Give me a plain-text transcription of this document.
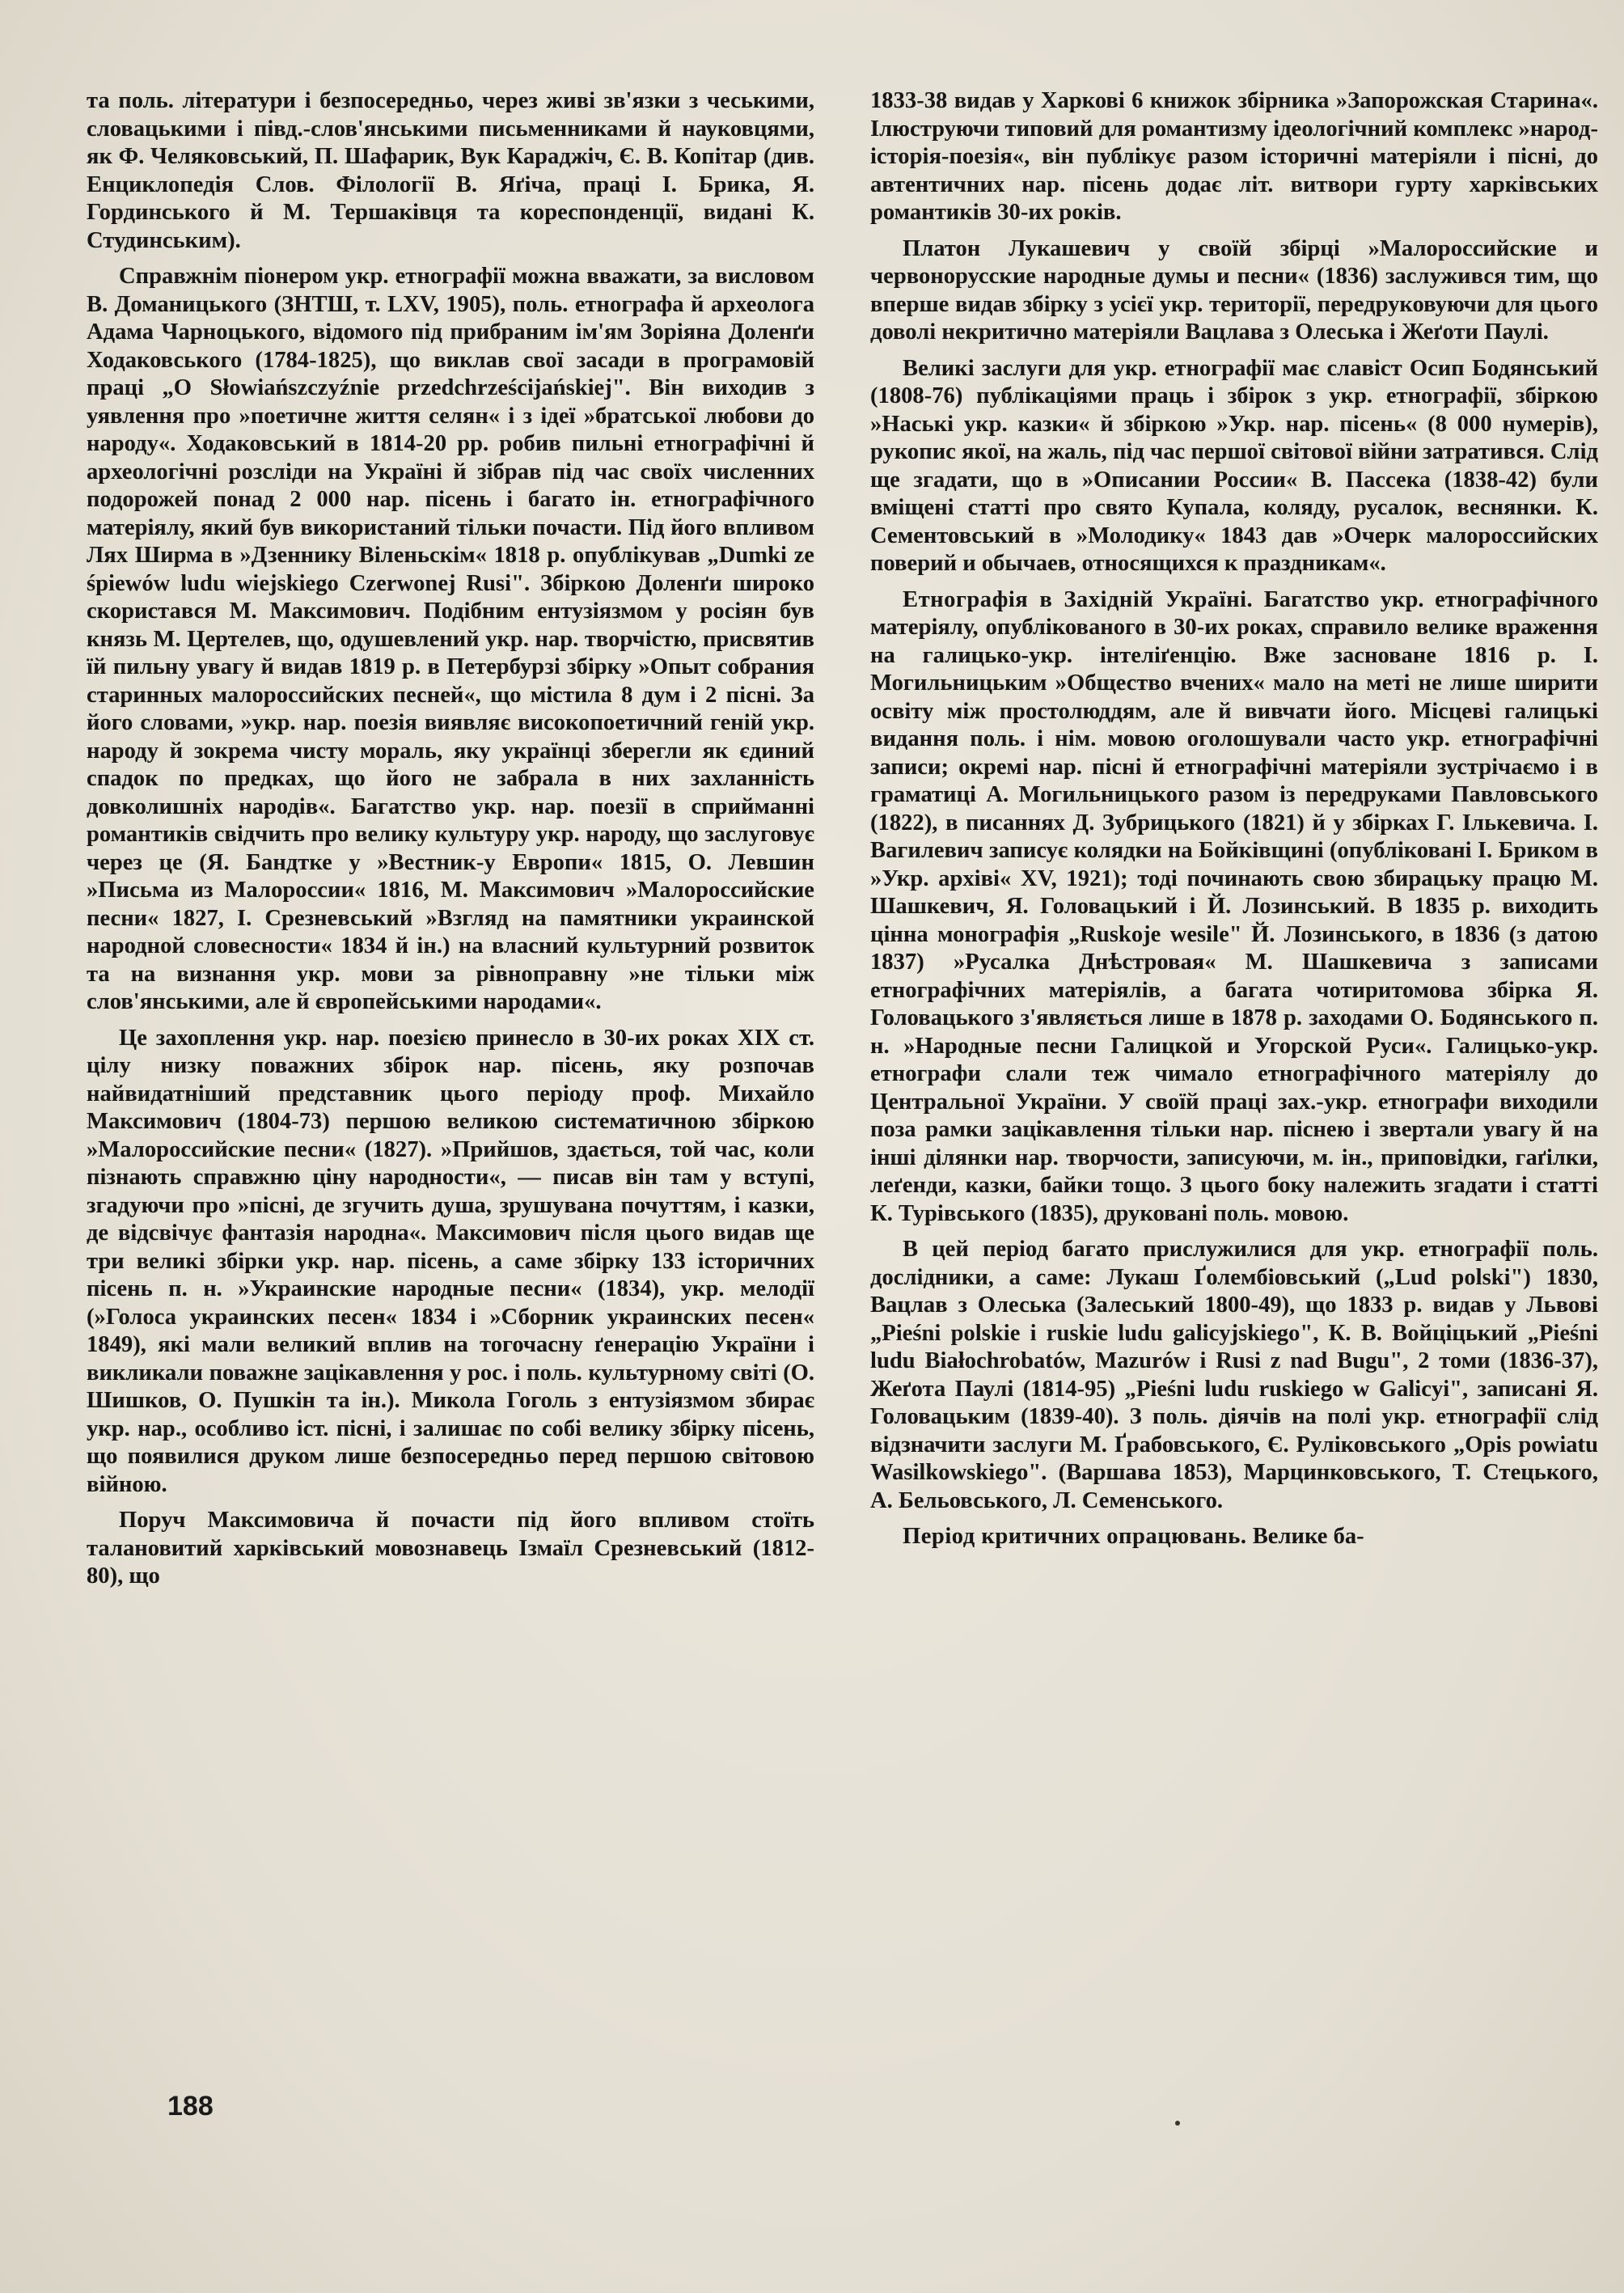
та поль. літератури і безпосередньо, через живі зв'язки з чеськими, словацькими і півд.-слов'янськими письменниками й науковцями, як Ф. Челяковський, П. Шафарик, Вук Караджіч, Є. В. Копітар (див. Енциклопедія Слов. Філології В. Яґіча, праці І. Брика, Я. Гординського й М. Тершаківця та кореспонденції, видані К. Студинським).

Справжнім піонером укр. етнографії можна вважати, за висловом В. Доманицького (ЗНТШ, т. LXV, 1905), поль. етнографа й археолога Адама Чарноцького, відомого під прибраним ім'ям Зоріяна Доленґи Ходаковського (1784-1825), що виклав свої засади в програмовій праці „O Słowiańszczyźnie przedchrześcijańskiej". Він виходив з уявлення про »поетичне життя селян« і з ідеї »братської любови до народу«. Ходаковський в 1814-20 рр. робив пильні етнографічні й археологічні розсліди на Україні й зібрав під час своїх численних подорожей понад 2 000 нар. пісень і багато ін. етнографічного матеріялу, який був використаний тільки почасти. Під його впливом Лях Ширма в »Дзеннику Віленьскім« 1818 р. опублікував „Dumki ze śpiewów ludu wiejskiego Czerwonej Rusi". Збіркою Доленґи широко скористався М. Максимович. Подібним ентузіязмом у росіян був князь М. Цертелев, що, одушевлений укр. нар. творчістю, присвятив їй пильну увагу й видав 1819 р. в Петербурзі збірку »Опыт собрания старинных малороссийских песней«, що містила 8 дум і 2 пісні. За його словами, »укр. нар. поезія виявляє високопоетичний геній укр. народу й зокрема чисту мораль, яку українці зберегли як єдиний спадок по предках, що його не забрала в них захланність довколишніх народів«. Багатство укр. нар. поезії в сприйманні романтиків свідчить про велику культуру укр. народу, що заслуговує через це (Я. Бандтке у »Вестник-у Европи« 1815, О. Левшин »Письма из Малороссии« 1816, М. Максимович »Малороссийские песни« 1827, І. Срезневський »Взгляд на памятники украинской народной словесности« 1834 й ін.) на власний культурний розвиток та на визнання укр. мови за рівноправну »не тільки між слов'янськими, але й європейськими народами«.

Це захоплення укр. нар. поезією принесло в 30-их роках ХІХ ст. цілу низку поважних збірок нар. пісень, яку розпочав найвидатніший представник цього періоду проф. Михайло Максимович (1804-73) першою великою систематичною збіркою »Малороссийские песни« (1827). »Прийшов, здається, той час, коли пізнають справжню ціну народности«, — писав він там у вступі, згадуючи про »пісні, де згучить душа, зрушувана почуттям, і казки, де відсвічує фантазія народна«. Максимович після цього видав ще три великі збірки укр. нар. пісень, а саме збірку 133 історичних пісень п. н. »Украинские народные песни« (1834), укр. мелодії (»Голоса украинских песен« 1834 і »Сборник украинских песен« 1849), які мали великий вплив на тогочасну ґенерацію України і викликали поважне зацікавлення у рос. і поль. культурному світі (О. Шишков, О. Пушкін та ін.). Микола Гоголь з ентузіязмом збирає укр. нар., особливо іст. пісні, і залишає по собі велику збірку пісень, що появилися друком лише безпосередньо перед першою світовою війною.

Поруч Максимовича й почасти під його впливом стоїть талановитий харківський мовознавець Ізмаїл Срезневський (1812-80), що

1833-38 видав у Харкові 6 книжок збірника »Запорожская Старина«. Ілюструючи типовий для романтизму ідеологічний комплекс »народ-історія-поезія«, він публікує разом історичні матеріяли і пісні, до автентичних нар. пісень додає літ. витвори гурту харківських романтиків 30-их років.

Платон Лукашевич у своїй збірці »Малороссийские и червонорусские народные думы и песни« (1836) заслужився тим, що вперше видав збірку з усієї укр. території, передруковуючи для цього доволі некритично матеріяли Вацлава з Олеська і Жеґоти Паулі.

Великі заслуги для укр. етнографії має славіст Осип Бодянський (1808-76) публікаціями праць і збірок з укр. етнографії, збіркою »Наські укр. казки« й збіркою »Укр. нар. пісень« (8 000 нумерів), рукопис якої, на жаль, під час першої світової війни затратився. Слід ще згадати, що в »Описании России« В. Пассека (1838-42) були вміщені статті про свято Купала, коляду, русалок, веснянки. К. Сементовський в »Молодику« 1843 дав »Очерк малороссийских поверий и обычаев, относящихся к праздникам«.

Етнографія в Західній Україні. Багатство укр. етнографічного матеріялу, опублікованого в 30-их роках, справило велике враження на галицько-укр. інтеліґенцію. Вже засноване 1816 р. І. Могильницьким »Общество вчених« мало на меті не лише ширити освіту між простолюддям, але й вивчати його. Місцеві галицькі видання поль. і нім. мовою оголошували часто укр. етнографічні записи; окремі нар. пісні й етнографічні матеріяли зустрічаємо і в граматиці А. Могильницького разом із передруками Павловського (1822), в писаннях Д. Зубрицького (1821) й у збірках Г. Ількевича. І. Вагилевич записує колядки на Бойківщині (опубліковані І. Бриком в »Укр. архіві« XV, 1921); тоді починають свою збирацьку працю М. Шашкевич, Я. Головацький і Й. Лозинський. В 1835 р. виходить цінна монографія „Ruskoje wesile" Й. Лозинського, в 1836 (з датою 1837) »Русалка Днѣстровая« М. Шашкевича з записами етнографічних матеріялів, а багата чотиритомова збірка Я. Головацького з'являється лише в 1878 р. заходами О. Бодянського п. н. »Народные песни Галицкой и Угорской Руси«. Галицько-укр. етнографи слали теж чимало етнографічного матеріялу до Центральної України. У своїй праці зах.-укр. етнографи виходили поза рамки зацікавлення тільки нар. піснею і звертали увагу й на інші ділянки нар. творчости, записуючи, м. ін., приповідки, гаґілки, леґенди, казки, байки тощо. З цього боку належить згадати і статті К. Турівського (1835), друковані поль. мовою.

В цей період багато прислужилися для укр. етнографії поль. дослідники, а саме: Лукаш Ґолембіовський („Lud polski") 1830, Вацлав з Олеська (Залеський 1800-49), що 1833 р. видав у Львові „Pieśni polskie i ruskie ludu galicyjskiego", К. В. Войціцький „Pieśni ludu Białochrobatów, Mazurów i Rusi z nad Bugu", 2 томи (1836-37), Жеґота Паулі (1814-95) „Pieśni ludu ruskiego w Galicyi", записані Я. Головацьким (1839-40). З поль. діячів на полі укр. етнографії слід відзначити заслуги М. Ґрабовського, Є. Руліковського „Opis powiatu Wasilkowskiego". (Варшава 1853), Марцинковського, Т. Стецького, А. Бельовського, Л. Семенського.

Період критичних опрацювань. Велике ба-

188
